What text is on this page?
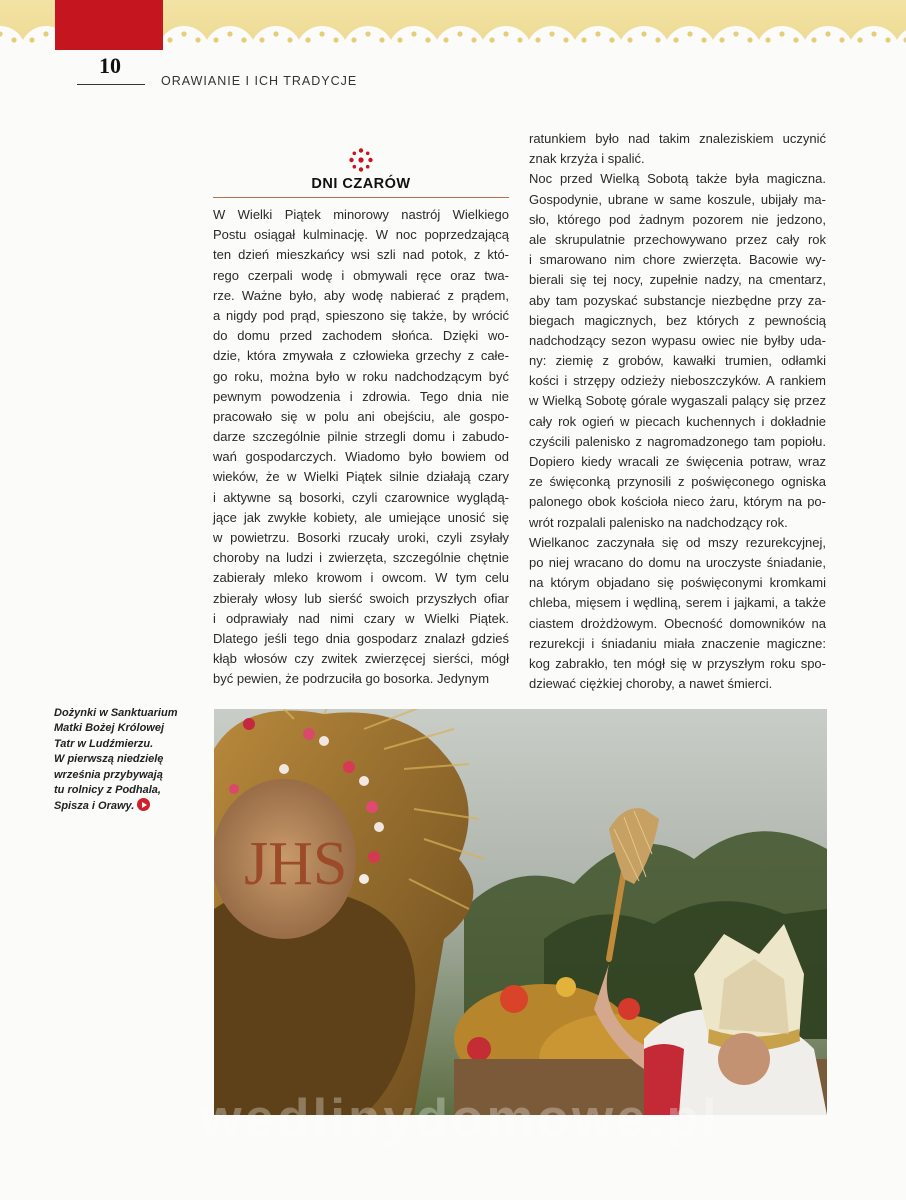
10
ORAWIANIE I ICH TRADYCJE
DNI CZARÓW
W Wielki Piątek minorowy nastrój Wielkiego
Postu osiągał kulminację. W noc poprzedzającą
ten dzień mieszkańcy wsi szli nad potok, z któ-
rego czerpali wodę i obmywali ręce oraz twa-
rze. Ważne było, aby wodę nabierać z prądem,
a nigdy pod prąd, spieszono się także, by wrócić
do domu przed zachodem słońca. Dzięki wo-
dzie, która zmywała z człowieka grzechy z całe-
go roku, można było w roku nadchodzącym być
pewnym powodzenia i zdrowia. Tego dnia nie
pracowało się w polu ani obejściu, ale gospo-
darze szczególnie pilnie strzegli domu i zabudo-
wań gospodarczych. Wiadomo było bowiem od
wieków, że w Wielki Piątek silnie działają czary
i aktywne są bosorki, czyli czarownice wyglądą-
jące jak zwykłe kobiety, ale umiejące unosić się
w powietrzu. Bosorki rzucały uroki, czyli zsyłały
choroby na ludzi i zwierzęta, szczególnie chętnie
zabierały mleko krowom i owcom. W tym celu
zbierały włosy lub sierść swoich przyszłych ofiar
i odprawiały nad nimi czary w Wielki Piątek.
Dlatego jeśli tego dnia gospodarz znalazł gdzieś
kłąb włosów czy zwitek zwierzęcej sierści, mógł
być pewien, że podrzuciła go bosorka. Jedynym
ratunkiem było nad takim znaleziskiem uczynić
znak krzyża i spalić.
Noc przed Wielką Sobotą także była magiczna.
Gospodynie, ubrane w same koszule, ubijały ma-
sło, którego pod żadnym pozorem nie jedzono,
ale skrupulatnie przechowywano przez cały rok
i smarowano nim chore zwierzęta. Bacowie wy-
bierali się tej nocy, zupełnie nadzy, na cmentarz,
aby tam pozyskać substancje niezbędne przy za-
biegach magicznych, bez których z pewnością
nadchodzący sezon wypasu owiec nie byłby uda-
ny: ziemię z grobów, kawałki trumien, odłamki
kości i strzępy odzieży nieboszczyków. A rankiem
w Wielką Sobotę górale wygaszali palący się przez
cały rok ogień w piecach kuchennych i dokładnie
czyścili palenisko z nagromadzonego tam popiołu.
Dopiero kiedy wracali ze święcenia potraw, wraz
ze święconką przynosili z poświęconego ogniska
palonego obok kościoła nieco żaru, którym na po-
wrót rozpalali palenisko na nadchodzący rok.
Wielkanoc zaczynała się od mszy rezurekcyjnej,
po niej wracano do domu na uroczyste śniadanie,
na którym objadano się poświęconymi kromkami
chleba, mięsem i wędliną, serem i jajkami, a także
ciastem drożdżowym. Obecność domowników na
rezurekcji i śniadaniu miała znaczenie magiczne:
kog zabrakło, ten mógł się w przyszłym roku spo-
dziewać ciężkiej choroby, a nawet śmierci.
Dożynki w Sanktuarium
Matki Bożej Królowej
Tatr w Ludźmierzu.
W pierwszą niedzielę
września przybywają
tu rolnicy z Podhala,
Spisza i Orawy.
JHS
wedlinydomowe.pl
